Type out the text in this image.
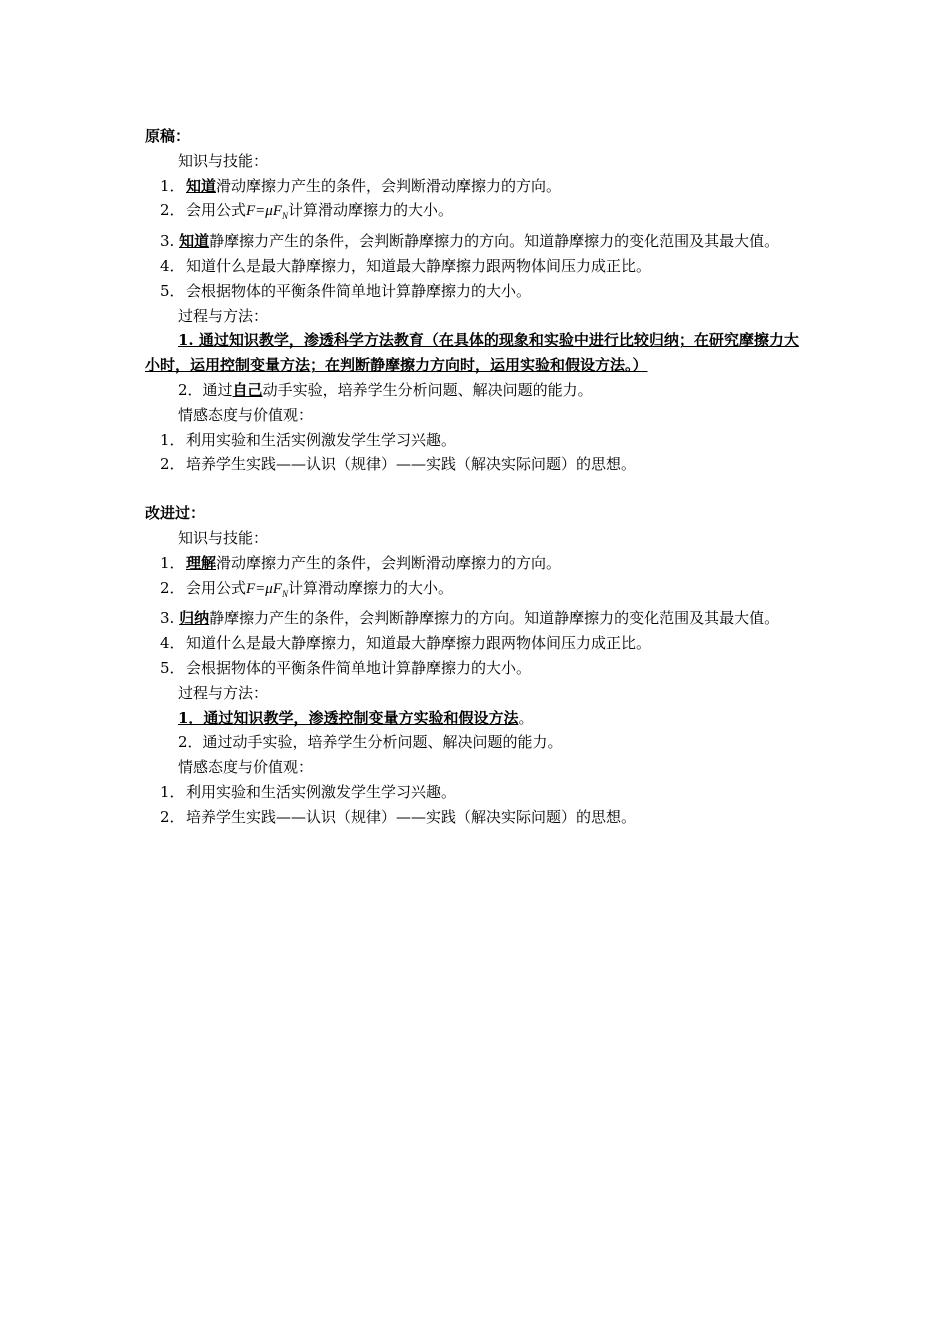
原稿：
知识与技能：
1．知道滑动摩擦力产生的条件，会判断滑动摩擦力的方向。
2．会用公式$F=\mu F_N$计算滑动摩擦力的大小。
3. 知道静摩擦力产生的条件，会判断静摩擦力的方向。知道静摩擦力的变化范围及其最大值。
4．知道什么是最大静摩擦力，知道最大静摩擦力跟两物体间压力成正比。
5．会根据物体的平衡条件简单地计算静摩擦力的大小。
过程与方法：
1. 通过知识教学，渗透科学方法教育（在具体的现象和实验中进行比较归纳；在研究摩擦力大小时，运用控制变量方法；在判断静摩擦力方向时，运用实验和假设方法。）
2．通过自己动手实验，培养学生分析问题、解决问题的能力。
情感态度与价值观：
1．利用实验和生活实例激发学生学习兴趣。
2．培养学生实践——认识（规律）——实践（解决实际问题）的思想。
改进过：
知识与技能：
1．理解滑动摩擦力产生的条件，会判断滑动摩擦力的方向。
2．会用公式$F=\mu F_N$计算滑动摩擦力的大小。
3. 归纳静摩擦力产生的条件，会判断静摩擦力的方向。知道静摩擦力的变化范围及其最大值。
4．知道什么是最大静摩擦力，知道最大静摩擦力跟两物体间压力成正比。
5．会根据物体的平衡条件简单地计算静摩擦力的大小。
过程与方法：
1．通过知识教学，渗透控制变量方实验和假设方法。
2．通过动手实验，培养学生分析问题、解决问题的能力。
情感态度与价值观：
1．利用实验和生活实例激发学生学习兴趣。
2．培养学生实践——认识（规律）——实践（解决实际问题）的思想。
